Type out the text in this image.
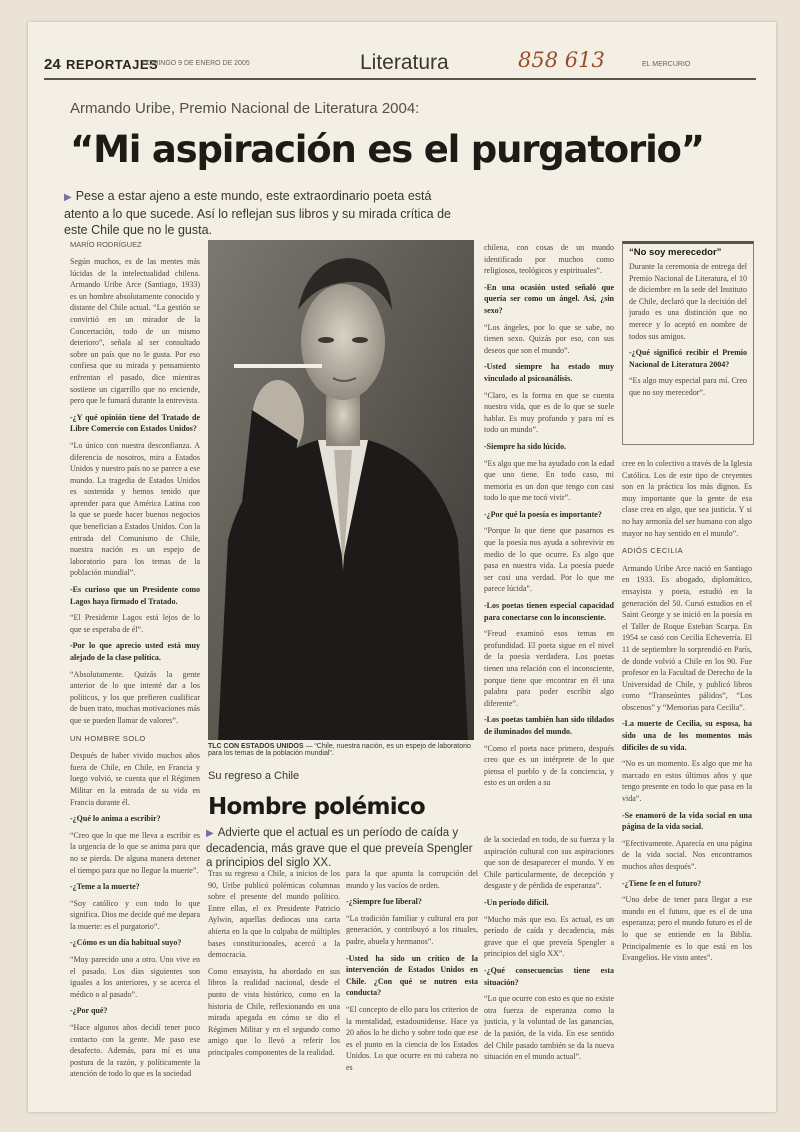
24 REPORTAJES
DOMINGO 9 DE ENERO DE 2005	Literatura	858 613	EL MERCURIO
Armando Uribe, Premio Nacional de Literatura 2004:
“Mi aspiración es el purgatorio”
▶ Pese a estar ajeno a este mundo, este extraordinario poeta está atento a lo que sucede. Así lo reflejan sus libros y su mirada crítica de este Chile que no le gusta.
MARÍO RODRÍGUEZ

Según muchos, es de las mentes más lúcidas de la intelectualidad chilena. Armando Uribe Arce (Santiago, 1933) es un hombre absolutamente conocido y distante del Chile actual. “La gestión se convirtió en un mirador de la Concertación, todo de un mismo deterioro”, señala al ser consultado sobre un país que no le gusta. Por eso confiesa que su mirada y pensamiento enfrentan el pasado, dice mientras sostiene un cigarrillo que no enciende, pero que le fumará durante la entrevista.

-¿Y qué opinión tiene del Tratado de Libre Comercio con Estados Unidos?

“Lo único con nuestra desconfianza. A diferencia de nosotros, mira a Estados Unidos y nuestro país no se parece a ese mundo. La tragedia de Estados Unidos es sostenida y hemos tenido que aprender para que América Latina con la que se puede hacer buenos negocios que benefician a Estados Unidos. Con la entrada del Comunismo de Chile, nuestra nación es un espejo de laboratorio para los temas de la población mundial”.

-Es curioso que un Presidente como Lagos haya firmado el Tratado.

“El Presidente Lagos está lejos de lo que se esperaba de él”.

-Por lo que aprecio usted está muy alejado de la clase política.

“Absolutamente. Quizás la gente anterior de lo que intenté dar a los políticos, y los que prefieren cualificar de buen trato, muchas motivaciones más que se pueden llamar de valores”.

UN HOMBRE SOLO

Después de haber vivido muchos años fuera de Chile, en Chile, en Francia y luego volvió, se cuenta que el Régimen Militar en la entrada de su vida en Francia durante él.

-¿Qué lo anima a escribir?

“Creo que lo que me lleva a escribir es la urgencia de lo que se anima para que no se pierda. De alguna manera detener el tiempo para que no llegue la muerte”.

-¿Teme a la muerte?

“Soy católico y con todo lo que significa. Dios me decide qué me depara la muerte: es el purgatorio”.

-¿Cómo es un día habitual suyo?

“Muy parecido uno a otro. Uno vive en el pasado. Los días siguientes son iguales a los anteriores, y se acerca el médico o al pasado”.

-¿Por qué?

“Hace algunos años decidí tener poco contacto con la gente. Me paso ese desafecto. Además, para mí es una postura de la razón, y políticamente la atención de todo lo que es la sociedad

TLC CON ESTADOS UNIDOS — “Chile, nuestra nación, es un espejo de laboratorio para los temas de la población mundial”.
Su regreso a Chile
Hombre polémico
▶ Advierte que el actual es un período de caída y decadencia, más grave que el que preveía Spengler a principios del siglo XX.

Tras su regreso a Chile, a inicios de los 90, Uribe publicó polémicas columnas sobre el presente del mundo político. Entre ellas, el ex Presidente Patricio Aylwin, aquellas dediocas una carta abierta en la que lo culpaba de múltiples bases constitucionales, acercó a la democracia.

Como ensayista, ha abordado en sus libros la realidad nacional, desde el punto de vista histórico, como en la historia de Chile, reflexionando en una mirada apegada en cómo se dio el Régimen Militar y en el segundo como amigo que lo llevó a referir los principales componentes de la realidad.

para la que apunta la corrupción del mundo y los vacíos de orden.

-¿Siempre fue liberal?

“La tradición familiar y cultural era por generación, y contribuyó a los rituales, padre, abuela y hermanos”.

-Usted ha sido un crítico de la intervención de Estados Unidos en Chile. ¿Con qué se nutren esta conducta?

“El concepto de ello para los criterios de la mentalidad, estadounidense. Hace ya 20 años lo he dicho y sobre todo que ese es el punto en la ciencia de los Estados Unidos. Lo que ocurre en mi cabeza no es

chilena, con cosas de un mundo identificado por muchos como religiosos, teológicos y espirituales”.

-En una ocasión usted señaló que quería ser como un ángel. Así, ¿sin sexo?

“Los ángeles, por lo que se sabe, no tienen sexo. Quizás por eso, con sus deseos que son el mundo”.

-Usted siempre ha estado muy vinculado al psicoanálisis.

“Claro, es la forma en que se cuenta nuestra vida, que es de lo que se suele hablar. Es muy profundo y para mí es todo un mundo”.

-Siempre ha sido lúcido.

“Es algo que me ha ayudado con la edad que uno tiene. En todo caso, mi memoria es un don que tengo con casi todo lo que me tocó vivir”.

-¿Por qué la poesía es importante?

“Porque lo que tiene que pasarnos es que la poesía nos ayuda a sobrevivir en medio de lo que ocurre. Es algo que pasa en nuestra vida. La poesía puede ser casi una verdad. Por lo que me parece lúcida”.

-Los poetas tienen especial capacidad para conectarse con lo inconsciente.

“Freud examinó esos temas en profundidad. El poeta sigue en el nivel de la poesía verdadera. Los poetas tienen una relación con el inconsciente, porque tiene que encontrar en él una palabra para poder escribir algo diferente”.

-Los poetas también han sido tildados de iluminados del mundo.

“Como el poeta nace primero, después creo que es un intérprete de lo que piensa el pueblo y de la conciencia, y esto es un orden a su

de la sociedad en todo, de su fuerza y la aspiración cultural con sus aspiraciones que son de desaparecer el mundo. Y en Chile particularmente, de decepción y desgaste y de pérdida de esperanza”.

-Un período difícil.

“Mucho más que eso. Es actual, es un período de caída y decadencia, más grave que el que preveía Spengler a principios del siglo XX”.

-¿Qué consecuencias tiene esta situación?

“Lo que ocurre con esto es que no existe otra fuerza de esperanza como la justicia, y la voluntad de las ganancias, de la pasión, de la vida. En ese sentido del Chile pasado también se da la nueva situación en el mundo actual”.

“No soy merecedor”

Durante la ceremonia de entrega del Premio Nacional de Literatura, el 10 de diciembre en la sede del Instituto de Chile, declaró que la decisión del jurado es una distinción que no merece y lo aceptó en nombre de todos sus amigos.

-¿Qué significó recibir el Premio Nacional de Literatura 2004?

“Es algo muy especial para mí. Creo que no soy merecedor”.

cree en lo colectivo a través de la Iglesia Católica. Los de este tipo de creyentes son en la práctica los más dignos. Es muy importante que la gente de esa clase crea en algo, que sea justicia. Y si no hay armonía del ser humano con algo mayor no hay sentido en el mundo”.

ADIÓS CECILIA

Armando Uribe Arce nació en Santiago en 1933. Es abogado, diplomático, ensayista y poeta, estudió en la generación del 50. Cursó estudios en el Saint George y se inició en la poesía en el Taller de Roque Esteban Scarpa. En 1954 se casó con Cecilia Echeverría. El 11 de septiembre lo sorprendió en París, de donde volvió a Chile en los 90. Fue profesor en la Facultad de Derecho de la Universidad de Chile, y publicó libros como “Transeúntes pálidos”, “Los obscenos” y “Memorias para Cecilia”.

-La muerte de Cecilia, su esposa, ha sido una de los momentos más difíciles de su vida.

“No es un momento. Es algo que me ha marcado en estos últimos años y que tengo presente en todo lo que pasa en la vida”.

-Se enamoró de la vida social en una página de la vida social.

“Efectivamente. Aparecía en una página de la vida social. Nos encontramos muchos años después”.

-¿Tiene fe en el futuro?

“Uno debe de tener para llegar a ese mundo en el futuro, que es el de una esperanza; pero el mundo futuro es el de lo que se entiende en la Biblia. Principalmente es lo que está en los Evangelios. He visto antes”.
